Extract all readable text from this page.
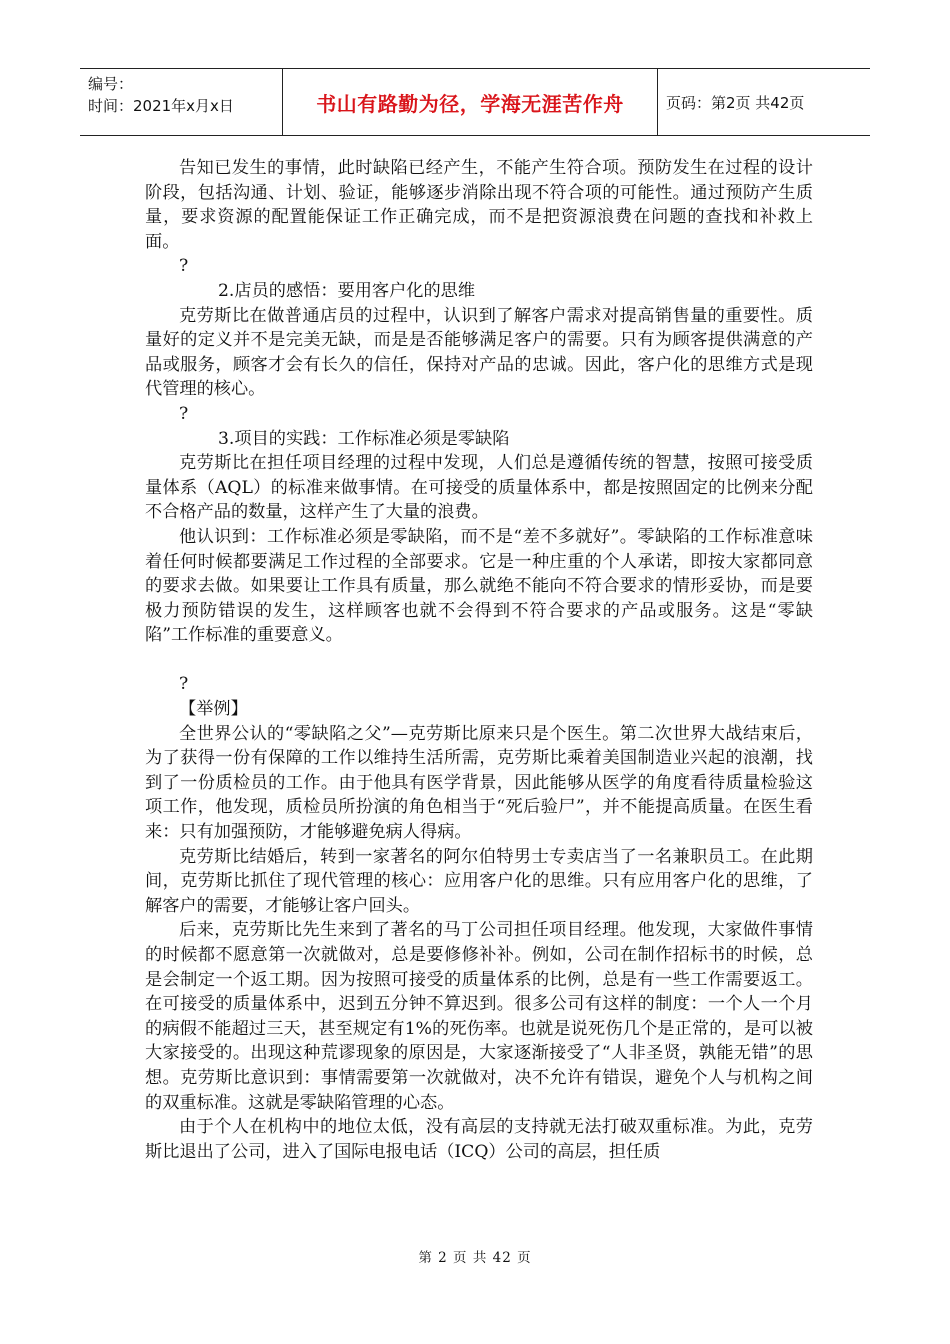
编号：
时间：2021年x月x日	书山有路勤为径，学海无涯苦作舟	页码：第2页 共42页

告知已发生的事情，此时缺陷已经产生，不能产生符合项。预防发生在过程的设计阶段，包括沟通、计划、验证，能够逐步消除出现不符合项的可能性。通过预防产生质量，要求资源的配置能保证工作正确完成，而不是把资源浪费在问题的查找和补救上面。

?

2.店员的感悟：要用客户化的思维

克劳斯比在做普通店员的过程中，认识到了解客户需求对提高销售量的重要性。质量好的定义并不是完美无缺，而是是否能够满足客户的需要。只有为顾客提供满意的产品或服务，顾客才会有长久的信任，保持对产品的忠诚。因此，客户化的思维方式是现代管理的核心。

?

3.项目的实践：工作标准必须是零缺陷

克劳斯比在担任项目经理的过程中发现，人们总是遵循传统的智慧，按照可接受质量体系（AQL）的标准来做事情。在可接受的质量体系中，都是按照固定的比例来分配不合格产品的数量，这样产生了大量的浪费。

他认识到：工作标准必须是零缺陷，而不是“差不多就好”。零缺陷的工作标准意味着任何时候都要满足工作过程的全部要求。它是一种庄重的个人承诺，即按大家都同意的要求去做。如果要让工作具有质量，那么就绝不能向不符合要求的情形妥协，而是要极力预防错误的发生，这样顾客也就不会得到不符合要求的产品或服务。这是“零缺陷”工作标准的重要意义。

?

【举例】

全世界公认的“零缺陷之父”—克劳斯比原来只是个医生。第二次世界大战结束后，为了获得一份有保障的工作以维持生活所需，克劳斯比乘着美国制造业兴起的浪潮，找到了一份质检员的工作。由于他具有医学背景，因此能够从医学的角度看待质量检验这项工作，他发现，质检员所扮演的角色相当于“死后验尸”，并不能提高质量。在医生看来：只有加强预防，才能够避免病人得病。

克劳斯比结婚后，转到一家著名的阿尔伯特男士专卖店当了一名兼职员工。在此期间，克劳斯比抓住了现代管理的核心：应用客户化的思维。只有应用客户化的思维，了解客户的需要，才能够让客户回头。

后来，克劳斯比先生来到了著名的马丁公司担任项目经理。他发现，大家做件事情的时候都不愿意第一次就做对，总是要修修补补。例如，公司在制作招标书的时候，总是会制定一个返工期。因为按照可接受的质量体系的比例，总是有一些工作需要返工。在可接受的质量体系中，迟到五分钟不算迟到。很多公司有这样的制度：一个人一个月的病假不能超过三天，甚至规定有1%的死伤率。也就是说死伤几个是正常的，是可以被大家接受的。出现这种荒谬现象的原因是，大家逐渐接受了“人非圣贤，孰能无错”的思想。克劳斯比意识到：事情需要第一次就做对，决不允许有错误，避免个人与机构之间的双重标准。这就是零缺陷管理的心态。

由于个人在机构中的地位太低，没有高层的支持就无法打破双重标准。为此，克劳斯比退出了公司，进入了国际电报电话（ICQ）公司的高层，担任质

第 2 页 共 42 页
